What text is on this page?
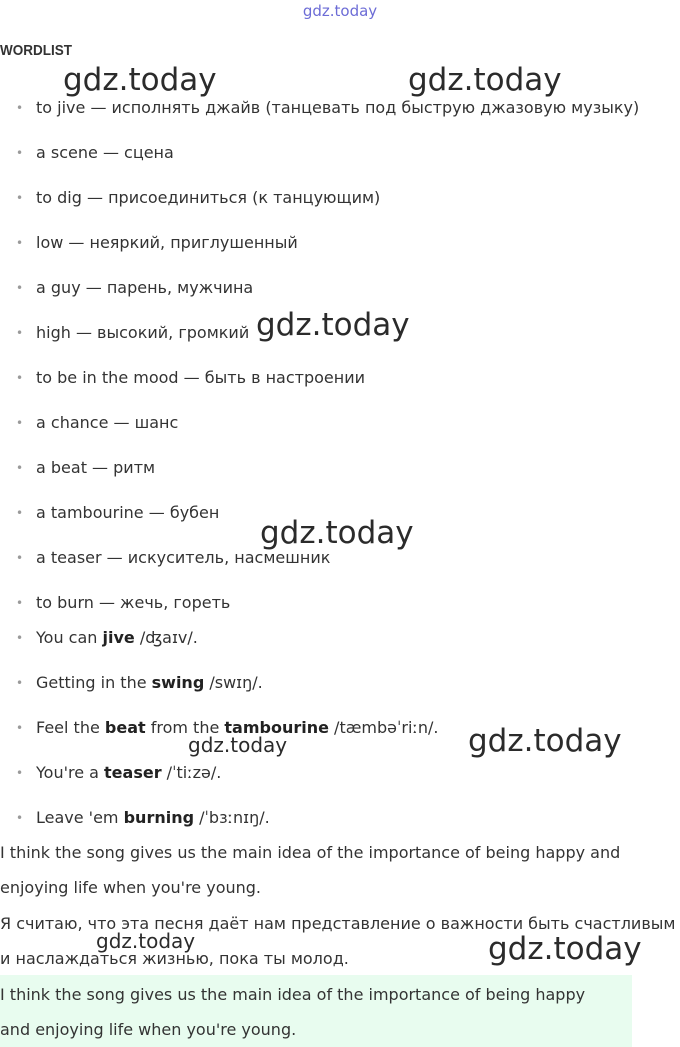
gdz.today
WORDLIST
• to jive — исполнять джайв (танцевать под быструю джазовую музыку)
• a scene — сцена
• to dig — присоединиться (к танцующим)
• low — неяркий, приглушенный
• a guy — парень, мужчина
• high — высокий, громкий
• to be in the mood — быть в настроении
• a chance — шанс
• a beat — ритм
• a tambourine — бубен
• a teaser — искуситель, насмешник
• to burn — жечь, гореть
• You can jive /ʤaɪv/.
• Getting in the swing /swɪŋ/.
• Feel the beat from the tambourine /tæmbəˈriːn/.
• You're a teaser /ˈtiːzə/.
• Leave 'em burning /ˈbɜːnɪŋ/.
I think the song gives us the main idea of the importance of being happy and
enjoying life when you're young.
Я считаю, что эта песня даёт нам представление о важности быть счастливым
и наслаждаться жизнью, пока ты молод.
I think the song gives us the main idea of the importance of being happy
and enjoying life when you're young.
gdz.today	gdz.today
gdz.today
gdz.today
gdz.today	gdz.today
gdz.today	gdz.today
